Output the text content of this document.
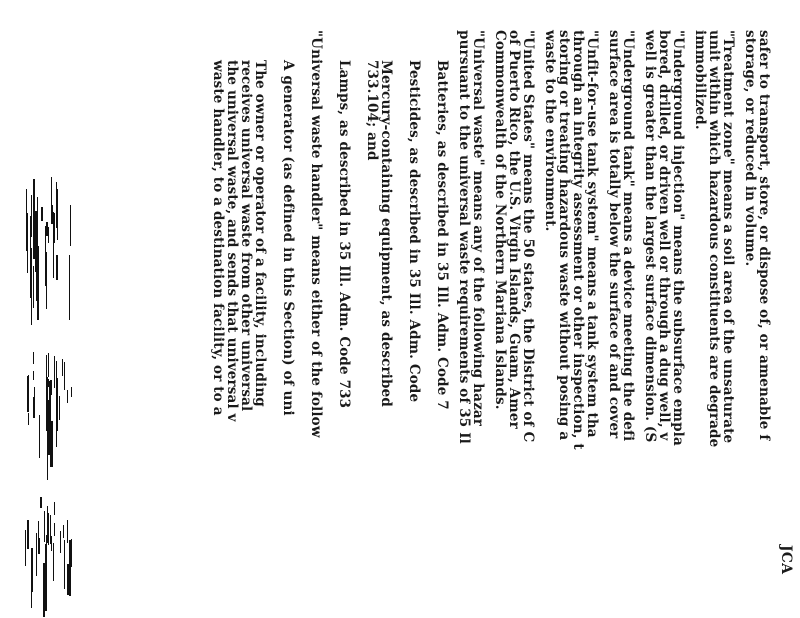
JCA
safer to transport, store, or dispose of, or amenable f
storage, or reduced in volume.
"Treatment zone" means a soil area of the unsaturate
unit within which hazardous constituents are degrade
immobilized.
"Underground injection" means the subsurface empla
bored, drilled, or driven well or through a dug well, v
well is greater than the largest surface dimension. (S
"Underground tank" means a device meeting the defi
surface area is totally below the surface of and cover
"Unfit-for-use tank system" means a tank system tha
through an integrity assessment or other inspection, t
storing or treating hazardous waste without posing a
waste to the environment.
"United States" means the 50 states, the District of C
of Puerto Rico, the U.S. Virgin Islands, Guam, Amer
Commonwealth of the Northern Mariana Islands.
"Universal waste" means any of the following hazar
pursuant to the universal waste requirements of 35 Il
Batteries, as described in 35 Ill. Adm. Code 7
Pesticides, as described in 35 Ill. Adm. Code
Mercury-containing equipment, as described
733.104; and
Lamps, as described in 35 Ill. Adm. Code 733
"Universal waste handler" means either of the follow
A generator (as defined in this Section) of uni
The owner or operator of a facility, including
receives universal waste from other universal
the universal waste, and sends that universal v
waste handler, to a destination facility, or to a
